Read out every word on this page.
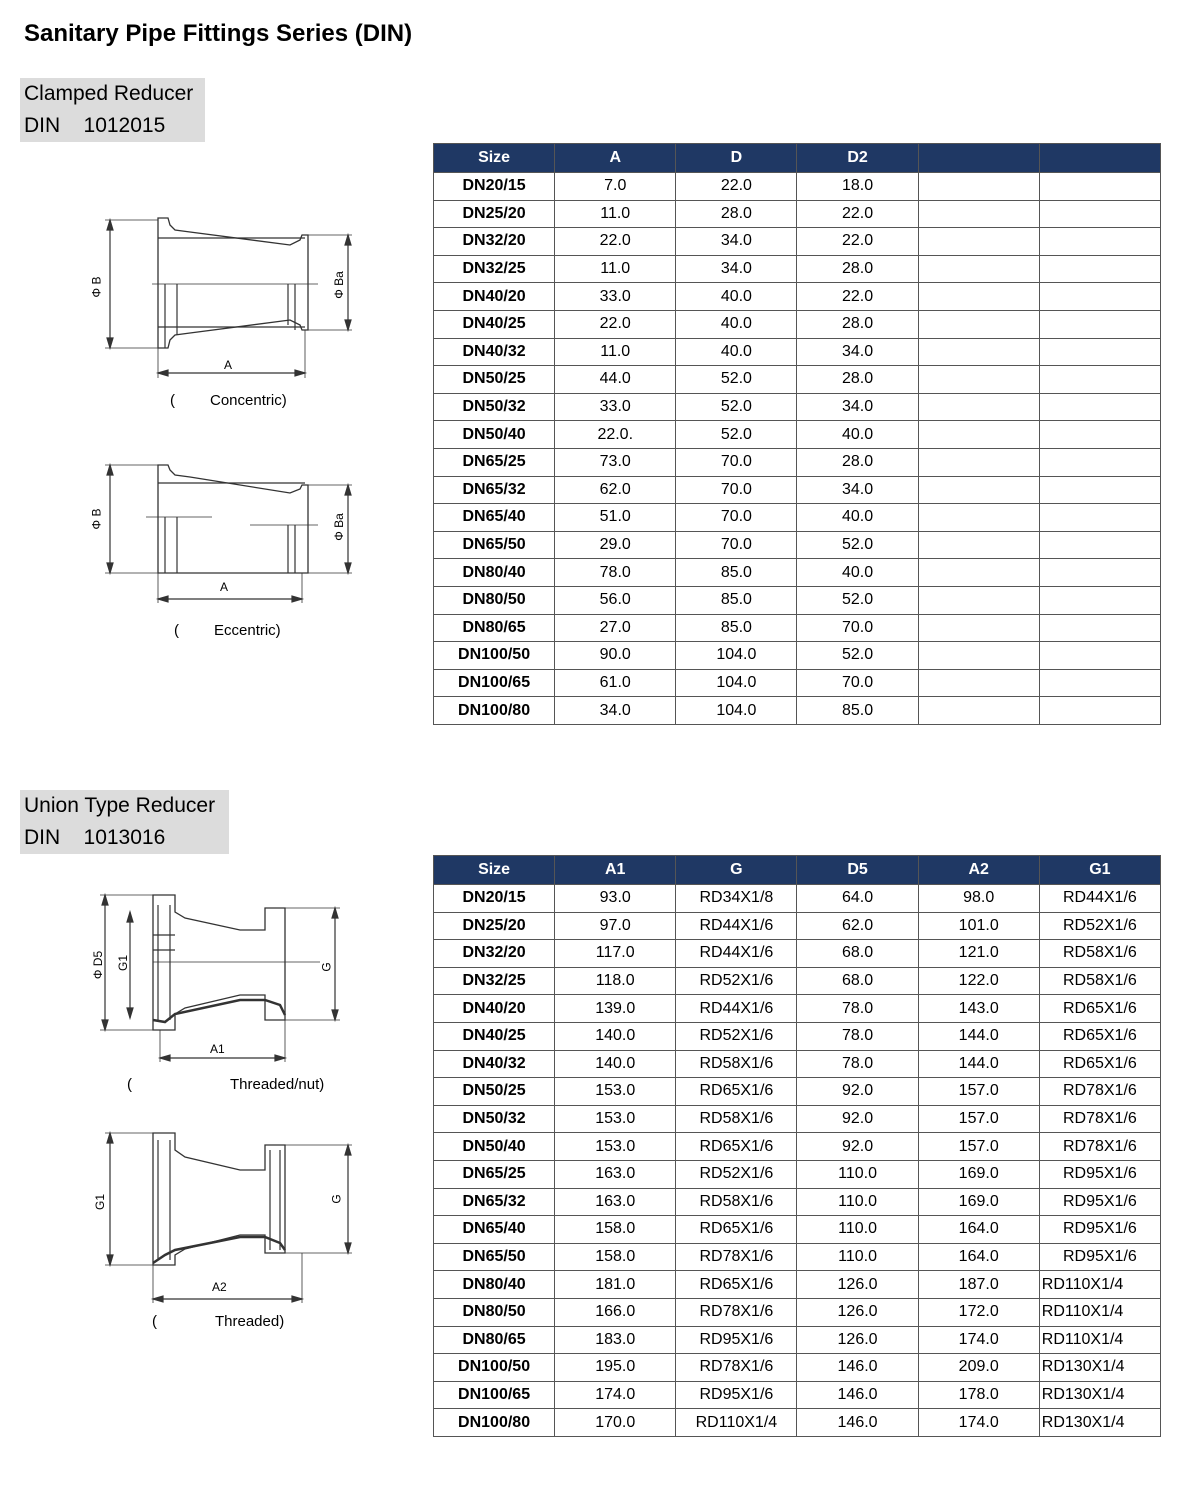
Sanitary Pipe Fittings Series (DIN)
Clamped Reducer
DIN 1012015
Φ B	Φ Ba
A
( Concentric)
Φ B	Φ Ba
A
( Eccentric)
Size	A	D	D2		
DN20/15	7.0	22.0	18.0		
DN25/20	11.0	28.0	22.0		
DN32/20	22.0	34.0	22.0		
DN32/25	11.0	34.0	28.0		
DN40/20	33.0	40.0	22.0		
DN40/25	22.0	40.0	28.0		
DN40/32	11.0	40.0	34.0		
DN50/25	44.0	52.0	28.0		
DN50/32	33.0	52.0	34.0		
DN50/40	22.0.	52.0	40.0		
DN65/25	73.0	70.0	28.0		
DN65/32	62.0	70.0	34.0		
DN65/40	51.0	70.0	40.0		
DN65/50	29.0	70.0	52.0		
DN80/40	78.0	85.0	40.0		
DN80/50	56.0	85.0	52.0		
DN80/65	27.0	85.0	70.0		
DN100/50	90.0	104.0	52.0		
DN100/65	61.0	104.0	70.0		
DN100/80	34.0	104.0	85.0		
Union Type Reducer
DIN 1013016
Φ D5 G1	G
A1
(	Threaded/nut)
G1	G
A2
(	Threaded)
Size	A1	G	D5	A2	G1
DN20/15	93.0	RD34X1/8	64.0	98.0	RD44X1/6
DN25/20	97.0	RD44X1/6	62.0	101.0	RD52X1/6
DN32/20	117.0	RD44X1/6	68.0	121.0	RD58X1/6
DN32/25	118.0	RD52X1/6	68.0	122.0	RD58X1/6
DN40/20	139.0	RD44X1/6	78.0	143.0	RD65X1/6
DN40/25	140.0	RD52X1/6	78.0	144.0	RD65X1/6
DN40/32	140.0	RD58X1/6	78.0	144.0	RD65X1/6
DN50/25	153.0	RD65X1/6	92.0	157.0	RD78X1/6
DN50/32	153.0	RD58X1/6	92.0	157.0	RD78X1/6
DN50/40	153.0	RD65X1/6	92.0	157.0	RD78X1/6
DN65/25	163.0	RD52X1/6	110.0	169.0	RD95X1/6
DN65/32	163.0	RD58X1/6	110.0	169.0	RD95X1/6
DN65/40	158.0	RD65X1/6	110.0	164.0	RD95X1/6
DN65/50	158.0	RD78X1/6	110.0	164.0	RD95X1/6
DN80/40	181.0	RD65X1/6	126.0	187.0	RD110X1/4
DN80/50	166.0	RD78X1/6	126.0	172.0	RD110X1/4
DN80/65	183.0	RD95X1/6	126.0	174.0	RD110X1/4
DN100/50	195.0	RD78X1/6	146.0	209.0	RD130X1/4
DN100/65	174.0	RD95X1/6	146.0	178.0	RD130X1/4
DN100/80	170.0	RD110X1/4	146.0	174.0	RD130X1/4
